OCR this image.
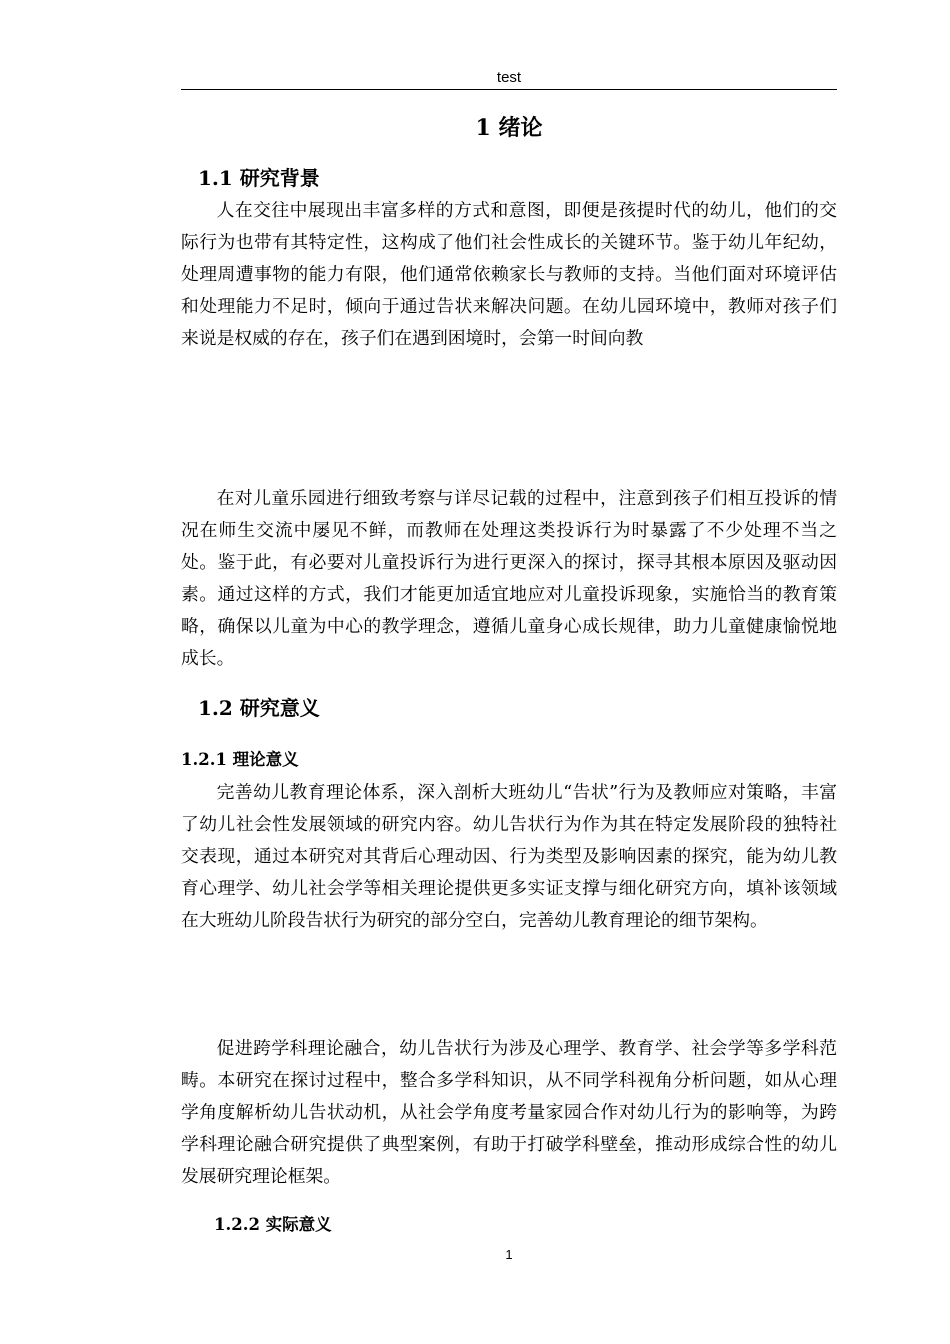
test
1 绪论
1.1 研究背景

人在交往中展现出丰富多样的方式和意图，即便是孩提时代的幼儿，他们的交际行为也带有其特定性，这构成了他们社会性成长的关键环节。鉴于幼儿年纪幼，处理周遭事物的能力有限，他们通常依赖家长与教师的支持。当他们面对环境评估和处理能力不足时，倾向于通过告状来解决问题。在幼儿园环境中，教师对孩子们来说是权威的存在，孩子们在遇到困境时，会第一时间向教

在对儿童乐园进行细致考察与详尽记载的过程中，注意到孩子们相互投诉的情况在师生交流中屡见不鲜，而教师在处理这类投诉行为时暴露了不少处理不当之处。鉴于此，有必要对儿童投诉行为进行更深入的探讨，探寻其根本原因及驱动因素。通过这样的方式，我们才能更加适宜地应对儿童投诉现象，实施恰当的教育策略，确保以儿童为中心的教学理念，遵循儿童身心成长规律，助力儿童健康愉悦地成长。

1.2 研究意义
1.2.1 理论意义

完善幼儿教育理论体系，深入剖析大班幼儿“告状”行为及教师应对策略，丰富了幼儿社会性发展领域的研究内容。幼儿告状行为作为其在特定发展阶段的独特社交表现，通过本研究对其背后心理动因、行为类型及影响因素的探究，能为幼儿教育心理学、幼儿社会学等相关理论提供更多实证支撑与细化研究方向，填补该领域在大班幼儿阶段告状行为研究的部分空白，完善幼儿教育理论的细节架构。

促进跨学科理论融合，幼儿告状行为涉及心理学、教育学、社会学等多学科范畴。本研究在探讨过程中，整合多学科知识，从不同学科视角分析问题，如从心理学角度解析幼儿告状动机，从社会学角度考量家园合作对幼儿行为的影响等，为跨学科理论融合研究提供了典型案例，有助于打破学科壁垒，推动形成综合性的幼儿发展研究理论框架。

1.2.2 实际意义
1
